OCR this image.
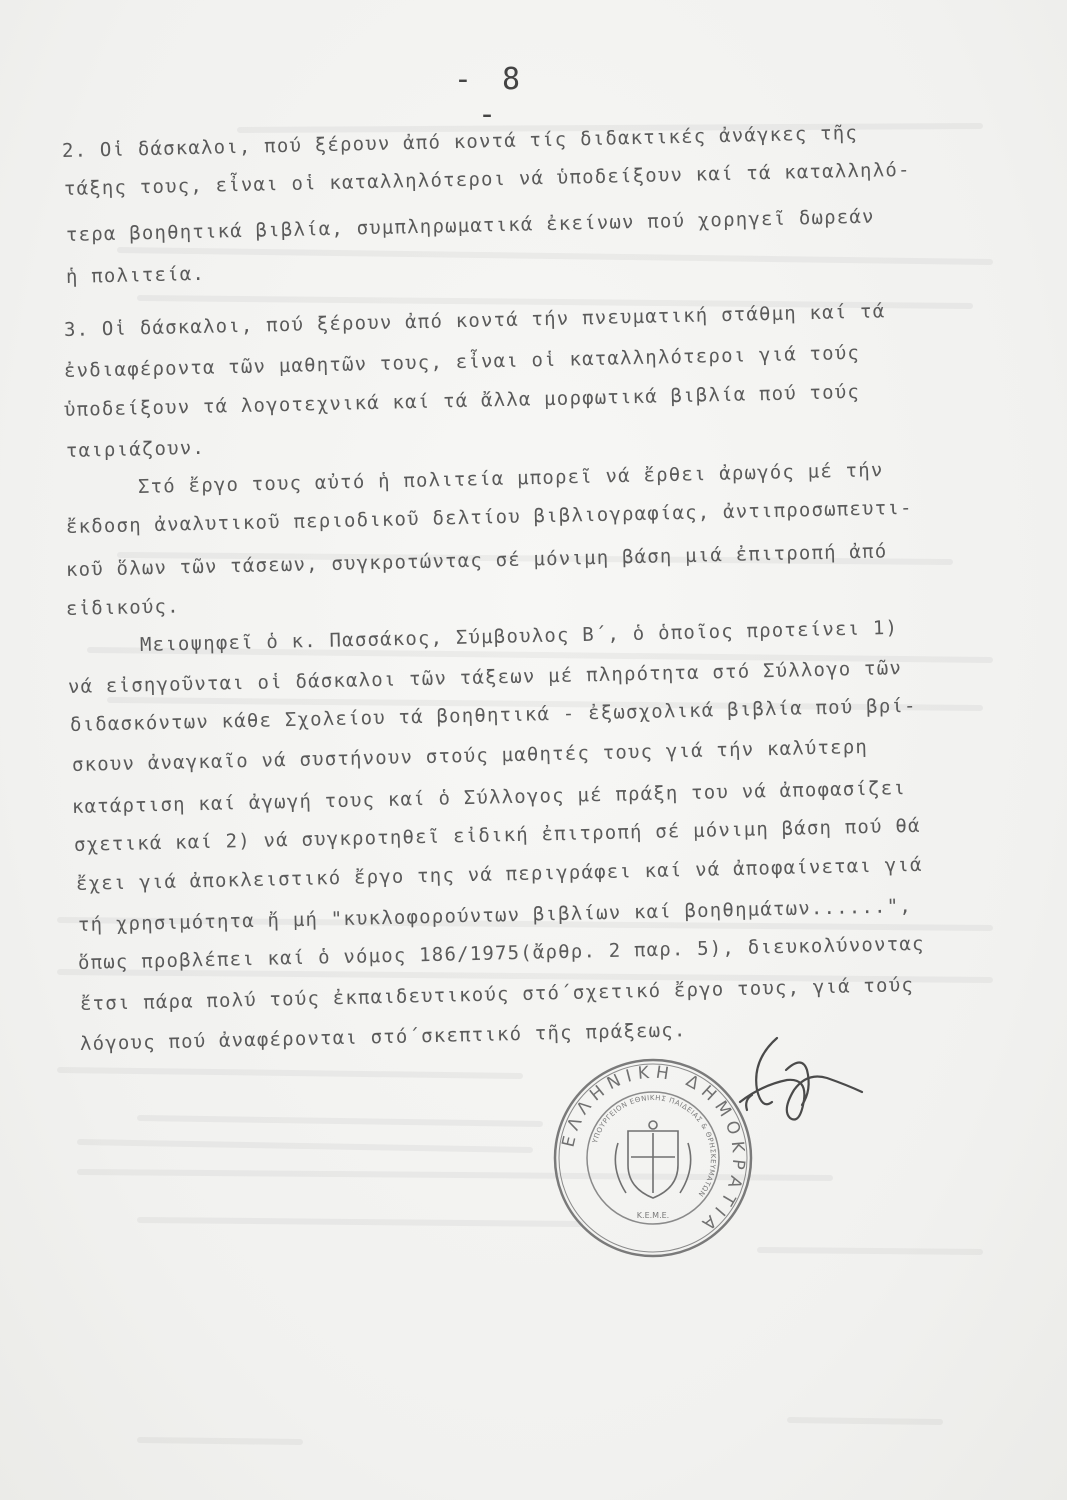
- 8 -
2. Οἱ δάσκαλοι, πού ξέρουν ἀπό κοντά τίς διδακτικές ἀνάγκες τῆς
τάξης τους, εἶναι οἱ καταλληλότεροι νά ὑποδείξουν καί τά καταλληλό-
τερα βοηθητικά βιβλία, συμπληρωματικά ἐκείνων πού χορηγεῖ δωρεάν
ἡ πολιτεία.
3. Οἱ δάσκαλοι, πού ξέρουν ἀπό κοντά τήν πνευματική στάθμη καί τά
ἐνδιαφέροντα τῶν μαθητῶν τους, εἶναι οἱ καταλληλότεροι γιά τούς
ὑποδείξουν τά λογοτεχνικά καί τά ἄλλα μορφωτικά βιβλία πού τούς
ταιριάζουν.
Στό ἔργο τους αὐτό ἡ πολιτεία μπορεῖ νά ἔρθει ἀρωγός μέ τήν
ἔκδοση ἀναλυτικοῦ περιοδικοῦ δελτίου βιβλιογραφίας, ἀντιπροσωπευτι-
κοῦ ὅλων τῶν τάσεων, συγκροτώντας σέ μόνιμη βάση μιά ἐπιτροπή ἀπό
εἰδικούς.
Μειοψηφεῖ ὁ κ. Πασσάκος, Σύμβουλος Β΄, ὁ ὁποῖος προτείνει 1)
νά εἰσηγοῦνται οἱ δάσκαλοι τῶν τάξεων μέ πληρότητα στό Σύλλογο τῶν
διδασκόντων κάθε Σχολείου τά βοηθητικά - ἐξωσχολικά βιβλία πού βρί-
σκουν ἀναγκαῖο νά συστήνουν στούς μαθητές τους γιά τήν καλύτερη
κατάρτιση καί ἀγωγή τους καί ὁ Σύλλογος μέ πράξη του νά ἀποφασίζει
σχετικά καί 2) νά συγκροτηθεῖ εἰδική ἐπιτροπή σέ μόνιμη βάση πού θά
ἔχει γιά ἀποκλειστικό ἔργο της νά περιγράφει καί νά ἀποφαίνεται γιά
τή χρησιμότητα ἤ μή "κυκλοφορούντων βιβλίων καί βοηθημάτων......",
ὅπως προβλέπει καί ὁ νόμος 186/1975(ἄρθρ. 2 παρ. 5), διευκολύνοντας
ἔτσι πάρα πολύ τούς ἐκπαιδευτικούς στό΄σχετικό ἔργο τους, γιά τούς
λόγους πού ἀναφέρονται στό΄σκεπτικό τῆς πράξεως.
ΕΛΛΗΝΙΚΗ ΔΗΜΟΚΡΑΤΙΑ
ΥΠΟΥΡΓΕΙΟΝ ΕΘΝΙΚΗΣ ΠΑΙΔΕΙΑΣ & ΘΡΗΣΚΕΥΜΑΤΩΝ
Κ.Ε.Μ.Ε.
